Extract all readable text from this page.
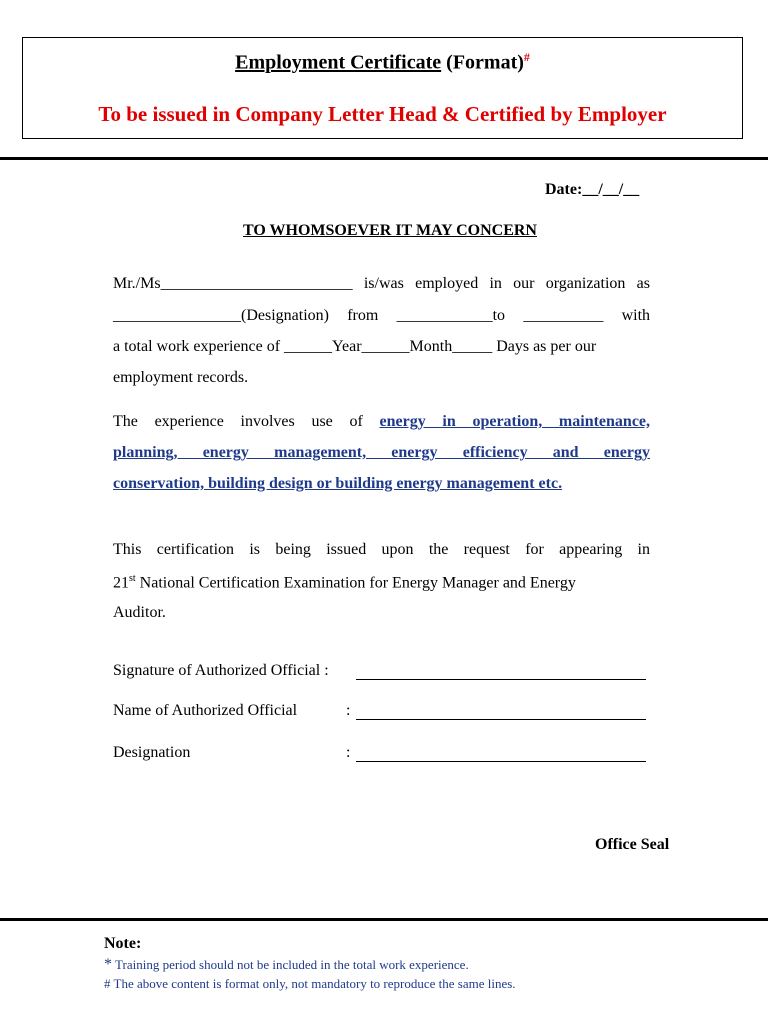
Employment Certificate (Format)#
To be issued in Company Letter Head & Certified by Employer
Date:__/__/__
TO WHOMSOEVER IT MAY CONCERN
Mr./Ms________________________ is/was employed in our organization as
________________(Designation) from ____________to __________ with
a total work experience of ______Year______Month_____ Days as per our
employment records.
The experience involves use of energy in operation, maintenance,
planning, energy management, energy efficiency and energy
conservation, building design or building energy management etc.
This certification is being issued upon the request for appearing in
21st National Certification Examination for Energy Manager and Energy
Auditor.
Signature of Authorized Official :
Name of Authorized Official	:
Designation	:
Office Seal
Note:
* Training period should not be included in the total work experience.
# The above content is format only, not mandatory to reproduce the same lines.
